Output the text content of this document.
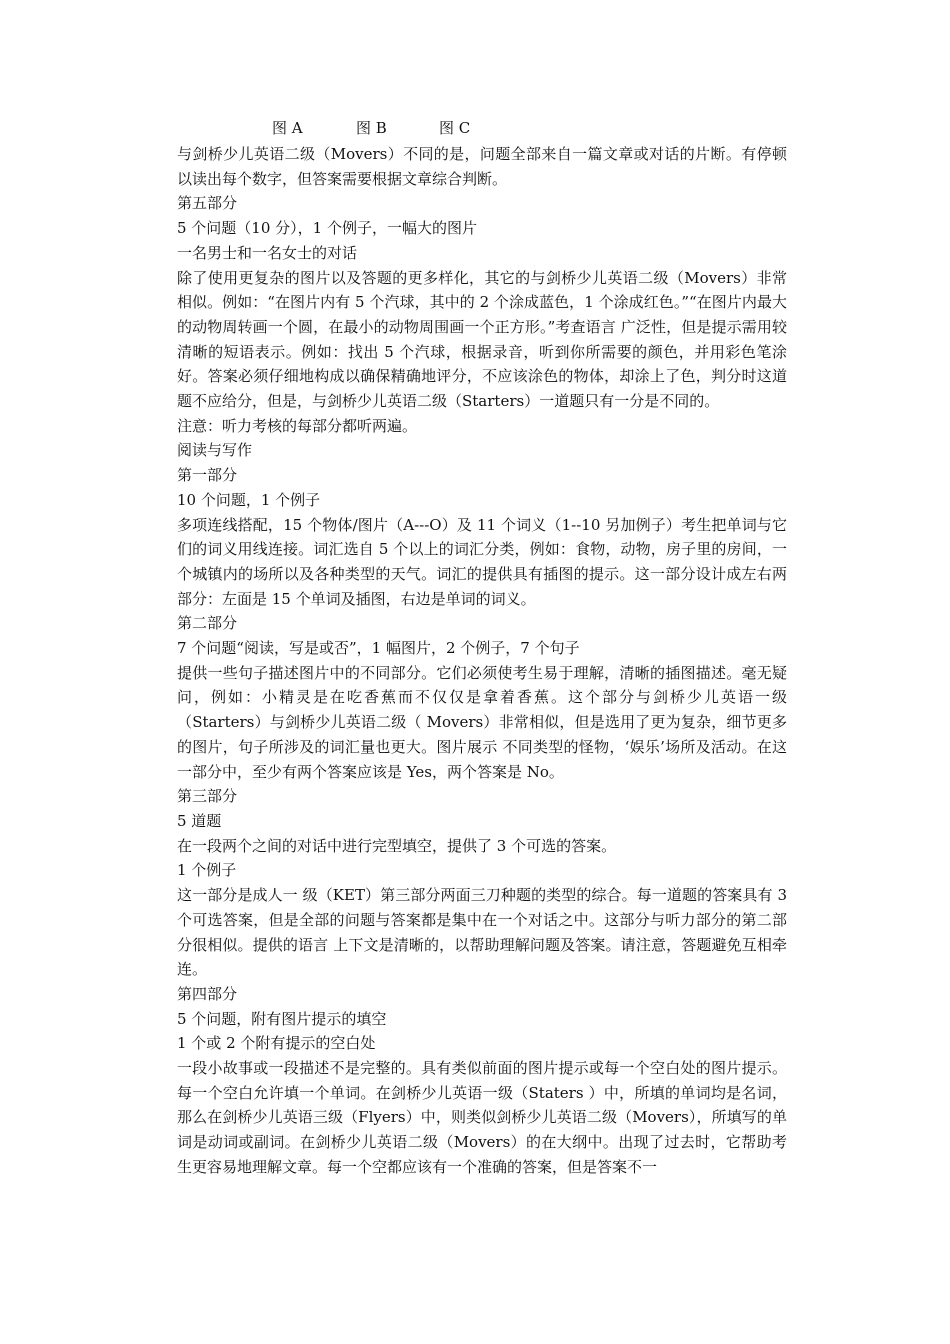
图 A	图 B	图 C

与剑桥少儿英语二级（Movers）不同的是，问题全部来自一篇文章或对话的片断。有停顿以读出每个数字，但答案需要根据文章综合判断。

第五部分

5 个问题（10 分），1 个例子，一幅大的图片

一名男士和一名女士的对话

除了使用更复杂的图片以及答题的更多样化，其它的与剑桥少儿英语二级（Movers）非常相似。例如：“在图片内有 5 个汽球，其中的 2 个涂成蓝色，1 个涂成红色。”“在图片内最大的动物周转画一个圆，在最小的动物周围画一个正方形。”考查语言 广泛性，但是提示需用较清晰的短语表示。例如：找出 5 个汽球，根据录音，听到你所需要的颜色，并用彩色笔涂好。答案必须仔细地构成以确保精确地评分，不应该涂色的物体，却涂上了色，判分时这道题不应给分，但是，与剑桥少儿英语二级（Starters）一道题只有一分是不同的。

注意：听力考核的每部分都听两遍。

阅读与写作

第一部分

10 个问题，1 个例子

多项连线搭配，15 个物体/图片（A---O）及 11 个词义（1--10 另加例子）考生把单词与它们的词义用线连接。词汇选自 5 个以上的词汇分类，例如：食物，动物，房子里的房间，一个城镇内的场所以及各种类型的天气。词汇的提供具有插图的提示。这一部分设计成左右两部分：左面是 15 个单词及插图，右边是单词的词义。

第二部分

7 个问题“阅读，写是或否”，1 幅图片，2 个例子，7 个句子

提供一些句子描述图片中的不同部分。它们必须使考生易于理解，清晰的插图描述。毫无疑问，例如：小精灵是在吃香蕉而不仅仅是拿着香蕉。这个部分与剑桥少儿英语一级（Starters）与剑桥少儿英语二级（ Movers）非常相似，但是选用了更为复杂，细节更多的图片，句子所涉及的词汇量也更大。图片展示 不同类型的怪物，‘娱乐’场所及活动。在这一部分中，至少有两个答案应该是 Yes，两个答案是 No。

第三部分

5 道题

在一段两个之间的对话中进行完型填空，提供了 3 个可选的答案。

1 个例子

这一部分是成人一 级（KET）第三部分两面三刀种题的类型的综合。每一道题的答案具有 3 个可选答案，但是全部的问题与答案都是集中在一个对话之中。这部分与听力部分的第二部分很相似。提供的语言 上下文是清晰的，以帮助理解问题及答案。请注意，答题避免互相牵连。

第四部分

5 个问题，附有图片提示的填空

1 个或 2 个附有提示的空白处

一段小故事或一段描述不是完整的。具有类似前面的图片提示或每一个空白处的图片提示。每一个空白允许填一个单词。在剑桥少儿英语一级（Staters ）中，所填的单词均是名词，那么在剑桥少儿英语三级（Flyers）中，则类似剑桥少儿英语二级（Movers），所填写的单词是动词或副词。在剑桥少儿英语二级（Movers）的在大纲中。出现了过去时，它帮助考生更容易地理解文章。每一个空都应该有一个准确的答案，但是答案不一
